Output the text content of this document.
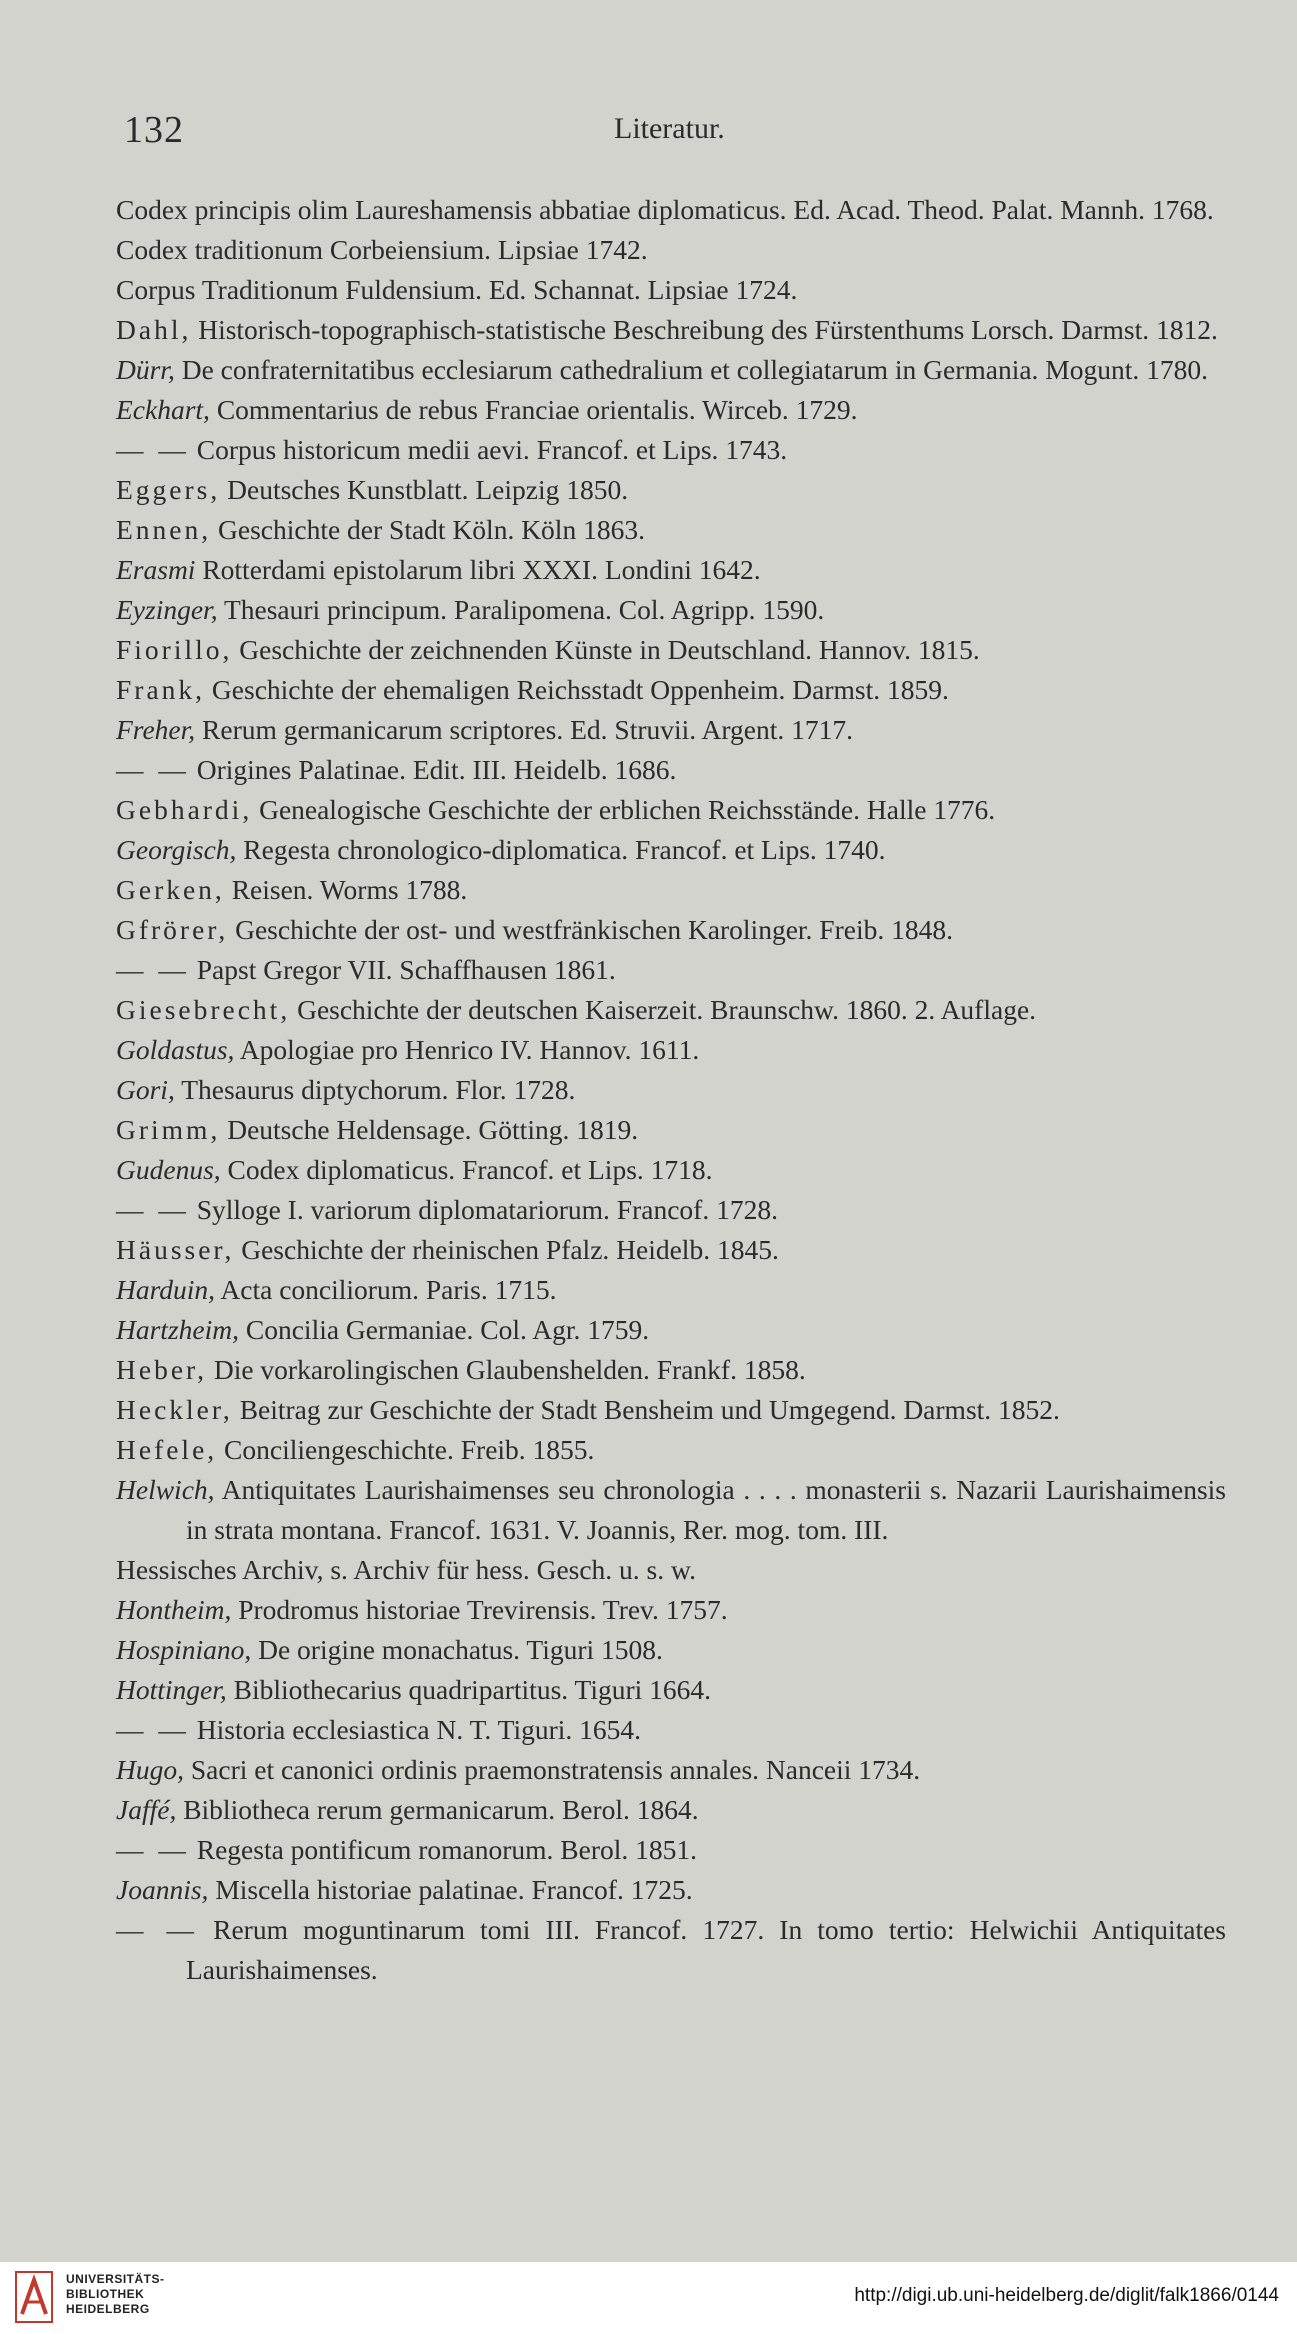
132	Literatur.

Codex principis olim Laureshamensis abbatiae diplomaticus. Ed. Acad. Theod. Palat. Mannh. 1768.

Codex traditionum Corbeiensium. Lipsiae 1742.

Corpus Traditionum Fuldensium. Ed. Schannat. Lipsiae 1724.

Dahl, Historisch-topographisch-statistische Beschreibung des Fürstenthums Lorsch. Darmst. 1812.

Dürr, De confraternitatibus ecclesiarum cathedralium et collegiatarum in Germania. Mogunt. 1780.

Eckhart, Commentarius de rebus Franciae orientalis. Wirceb. 1729.

— — Corpus historicum medii aevi. Francof. et Lips. 1743.

Eggers, Deutsches Kunstblatt. Leipzig 1850.

Ennen, Geschichte der Stadt Köln. Köln 1863.

Erasmi Rotterdami epistolarum libri XXXI. Londini 1642.

Eyzinger, Thesauri principum. Paralipomena. Col. Agripp. 1590.

Fiorillo, Geschichte der zeichnenden Künste in Deutschland. Hannov. 1815.

Frank, Geschichte der ehemaligen Reichsstadt Oppenheim. Darmst. 1859.

Freher, Rerum germanicarum scriptores. Ed. Struvii. Argent. 1717.

— — Origines Palatinae. Edit. III. Heidelb. 1686.

Gebhardi, Genealogische Geschichte der erblichen Reichsstände. Halle 1776.

Georgisch, Regesta chronologico-diplomatica. Francof. et Lips. 1740.

Gerken, Reisen. Worms 1788.

Gfrörer, Geschichte der ost- und westfränkischen Karolinger. Freib. 1848.

— — Papst Gregor VII. Schaffhausen 1861.

Giesebrecht, Geschichte der deutschen Kaiserzeit. Braunschw. 1860. 2. Auflage.

Goldastus, Apologiae pro Henrico IV. Hannov. 1611.

Gori, Thesaurus diptychorum. Flor. 1728.

Grimm, Deutsche Heldensage. Götting. 1819.

Gudenus, Codex diplomaticus. Francof. et Lips. 1718.

— — Sylloge I. variorum diplomatariorum. Francof. 1728.

Häusser, Geschichte der rheinischen Pfalz. Heidelb. 1845.

Harduin, Acta conciliorum. Paris. 1715.

Hartzheim, Concilia Germaniae. Col. Agr. 1759.

Heber, Die vorkarolingischen Glaubenshelden. Frankf. 1858.

Heckler, Beitrag zur Geschichte der Stadt Bensheim und Umgegend. Darmst. 1852.

Hefele, Conciliengeschichte. Freib. 1855.

Helwich, Antiquitates Laurishaimenses seu chronologia . . . . monasterii s. Nazarii Laurishaimensis in strata montana. Francof. 1631. V. Joannis, Rer. mog. tom. III.

Hessisches Archiv, s. Archiv für hess. Gesch. u. s. w.

Hontheim, Prodromus historiae Trevirensis. Trev. 1757.

Hospiniano, De origine monachatus. Tiguri 1508.

Hottinger, Bibliothecarius quadripartitus. Tiguri 1664.

— — Historia ecclesiastica N. T. Tiguri. 1654.

Hugo, Sacri et canonici ordinis praemonstratensis annales. Nanceii 1734.

Jaffé, Bibliotheca rerum germanicarum. Berol. 1864.

— — Regesta pontificum romanorum. Berol. 1851.

Joannis, Miscella historiae palatinae. Francof. 1725.

— — Rerum moguntinarum tomi III. Francof. 1727. In tomo tertio: Helwichii Antiquitates Laurishaimenses.

UNIVERSITÄTS-
BIBLIOTHEK
HEIDELBERG
http://digi.ub.uni-heidelberg.de/diglit/falk1866/0144
